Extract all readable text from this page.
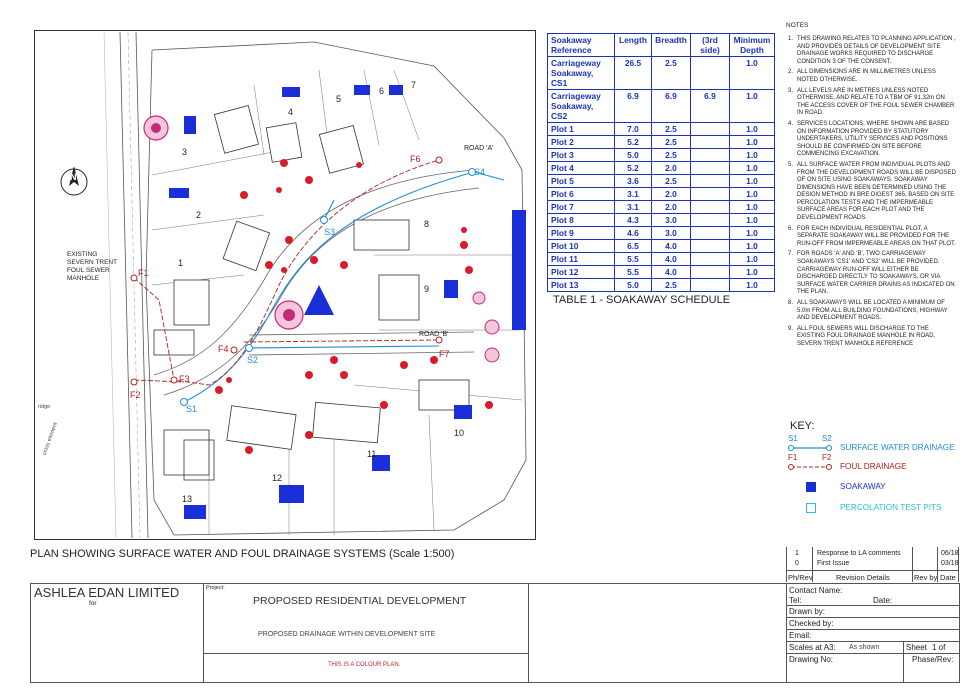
N
1
2
3
4
5
6
7
8
9
10
11
12
13
ROAD 'A'
ROAD 'B'
EXISTING
SEVERN TRENT
FOUL SEWER
MANHOLE
ridge
cross element
S1
S2
S3
S4
F1
F2
F3
F4
F6
F7
PLAN SHOWING SURFACE WATER AND FOUL DRAINAGE SYSTEMS (Scale 1:500)
Soakaway Reference	Length	Breadth	(3rd side)	Minimum Depth
Carriageway Soakaway, CS1	26.5	2.5		1.0
Carriageway Soakaway, CS2	6.9	6.9	6.9	1.0
Plot 1	7.0	2.5		1.0
Plot 2	5.2	2.5		1.0
Plot 3	5.0	2.5		1.0
Plot 4	5.2	2.0		1.0
Plot 5	3.6	2.5		1.0
Plot 6	3.1	2.0		1.0
Plot 7	3.1	2.0		1.0
Plot 8	4.3	3.0		1.0
Plot 9	4.6	3.0		1.0
Plot 10	6.5	4.0		1.0
Plot 11	5.5	4.0		1.0
Plot 12	5.5	4.0		1.0
Plot 13	5.0	2.5		1.0
TABLE 1 - SOAKAWAY SCHEDULE
NOTES
1. THIS DRAWING RELATES TO PLANNING APPLICATION , AND PROVIDES DETAILS OF DEVELOPMENT SITE DRAINAGE WORKS REQUIRED TO DISCHARGE CONDITION 3 OF THE CONSENT.
2. ALL DIMENSIONS ARE IN MILLIMETRES UNLESS NOTED OTHERWISE.
3. ALL LEVELS ARE IN METRES UNLESS NOTED OTHERWISE, AND RELATE TO A TBM OF 91.32m ON THE ACCESS COVER OF THE FOUL SEWER CHAMBER IN ROAD.
4. SERVICES LOCATIONS, WHERE SHOWN ARE BASED ON INFORMATION PROVIDED BY STATUTORY UNDERTAKERS. UTILITY SERVICES AND POSITIONS SHOULD BE CONFIRMED ON SITE BEFORE COMMENCING EXCAVATION.
5. ALL SURFACE WATER FROM INDIVIDUAL PLOTS AND FROM THE DEVELOPMENT ROADS WILL BE DISPOSED OF ON SITE USING SOAKAWAYS. SOAKAWAY DIMENSIONS HAVE BEEN DETERMINED USING THE DESIGN METHOD IN BRE DIGEST 365, BASED ON SITE PERCOLATION TESTS AND THE IMPERMEABLE SURFACE AREAS FOR EACH PLOT AND THE DEVELOPMENT ROADS.
6. FOR EACH INDIVIDUAL RESIDENTIAL PLOT, A SEPARATE SOAKAWAY WILL BE PROVIDED FOR THE RUN-OFF FROM IMPERMEABLE AREAS ON THAT PLOT.
7. FOR ROADS 'A' AND 'B', TWO CARRIAGEWAY SOAKAWAYS 'CS1' AND 'CS2' WILL BE PROVIDED. CARRIAGEWAY RUN-OFF WILL EITHER BE DISCHARGED DIRECTLY TO SOAKAWAYS, OR VIA SURFACE WATER CARRIER DRAINS AS INDICATED ON THE PLAN.
8. ALL SOAKAWAYS WILL BE LOCATED A MINIMUM OF 5.0m FROM ALL BUILDING FOUNDATIONS, HIGHWAY AND DEVELOPMENT ROADS.
9. ALL FOUL SEWERS WILL DISCHARGE TO THE EXISTING FOUL DRAINAGE MANHOLE IN ROAD, SEVERN TRENT MANHOLE REFERENCE
KEY:
S1	S2
SURFACE WATER DRAINAGE
F1	F2
FOUL DRAINAGE
SOAKAWAY
PERCOLATION TEST PITS
1	Response to LA comments	06/18
0	First Issue	03/18
Ph/Rev	Revision Details	Rev by Date
ASHLEA EDAN LIMITED
for
Project:
PROPOSED RESIDENTIAL DEVELOPMENT
PROPOSED DRAINAGE WITHIN DEVELOPMENT SITE
THIS IS A COLOUR PLAN.
Contact Name:
Tel:	Date:
Drawn by:
Checked by:
Email:
Scales at A3: As shown	Sheet 1 of
Drawing No:	Phase/Rev:
